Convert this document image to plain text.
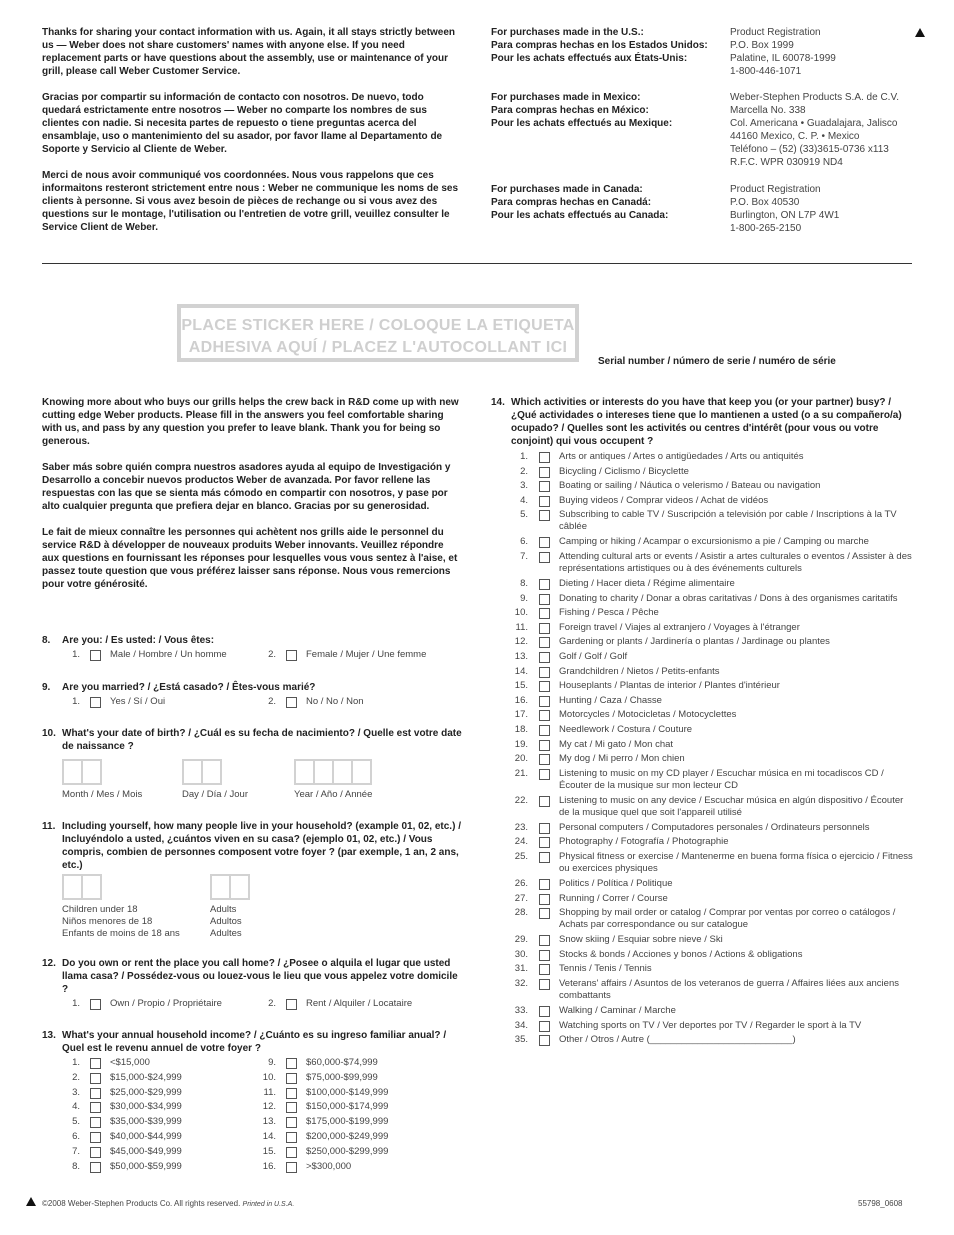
Thanks for sharing your contact information with us. Again, it all stays strictly between us — Weber does not share customers' names with anyone else. If you need replacement parts or have questions about the assembly, use or maintenance of your grill, please call Weber Customer Service.

Gracias por compartir su información de contacto con nosotros. De nuevo, todo quedará estrictamente entre nosotros — Weber no comparte los nombres de sus clientes con nadie. Si necesita partes de repuesto o tiene preguntas acerca del ensamblaje, uso o mantenimiento del su asador, por favor llame al Departamento de Soporte y Servicio al Cliente de Weber.

Merci de nous avoir communiqué vos coordonnées. Nous vous rappelons que ces informaitons resteront strictement entre nous : Weber ne communique les noms de ses clients à personne. Si vous avez besoin de pièces de rechange ou si vous avez des questions sur le montage, l'utilisation ou l'entretien de votre grill, veuillez consulter le Service Client de Weber.

For purchases made in the U.S.:
Para compras hechas en los Estados Unidos:
Pour les achats effectués aux États-Unis:
Product Registration
P.O. Box 1999
Palatine, IL 60078-1999
1-800-446-1071
For purchases made in Mexico:
Para compras hechas en México:
Pour les achats effectués au Mexique:
Weber-Stephen Products S.A. de C.V.
Marcella No. 338
Col. Americana • Guadalajara, Jalisco
44160 Mexico, C. P. • Mexico
Teléfono – (52) (33)3615-0736 x113
R.F.C. WPR 030919 ND4
For purchases made in Canada:
Para compras hechas en Canadá:
Pour les achats effectués au Canada:
Product Registration
P.O. Box 40530
Burlington, ON L7P 4W1
1-800-265-2150
PLACE STICKER HERE / COLOQUE LA ETIQUETA
ADHESIVA AQUÍ / PLACEZ L'AUTOCOLLANT ICI
Serial number / número de serie / numéro de série

Knowing more about who buys our grills helps the crew back in R&D come up with new cutting edge Weber products. Please fill in the answers you feel comfortable sharing with us, and pass by any question you prefer to leave blank. Thank you for being so generous.

Saber más sobre quién compra nuestros asadores ayuda al equipo de Investigación y Desarrollo a concebir nuevos productos Weber de avanzada. Por favor rellene las respuestas con las que se sienta más cómodo en compartir con nosotros, y pase por alto cualquier pregunta que prefiera dejar en blanco. Gracias por su generosidad.

Le fait de mieux connaître les personnes qui achètent nos grills aide le personnel du service R&D à développer de nouveaux produits Weber innovants. Veuillez répondre aux questions en fournissant les réponses pour lesquelles vous vous sentez à l'aise, et passez toute question que vous préférez laisser sans réponse. Nous vous remercions pour votre générosité.

8. Are you: / Es usted: / Vous êtes:
1.	Male / Hombre / Un homme	2.	Female / Mujer / Une femme
9. Are you married? / ¿Está casado? / Êtes-vous marié?
1.	Yes / Sí / Oui	2.	No / No / Non
10. What's your date of birth? / ¿Cuál es su fecha de nacimiento? / Quelle est votre date de naissance ?
Month / Mes / Mois	Day / Día / Jour	Year / Año / Année
11. Including yourself, how many people live in your household? (example 01, 02, etc.) / Incluyéndolo a usted, ¿cuántos viven en su casa? (ejemplo 01, 02, etc.) / Vous compris, combien de personnes composent votre foyer ? (par exemple, 1 an, 2 ans, etc.)
Children under 18
Niños menores de 18
Enfants de moins de 18 ans
Adults
Adultos
Adultes
12. Do you own or rent the place you call home? / ¿Posee o alquila el lugar que usted llama casa? / Possédez-vous ou louez-vous le lieu que vous appelez votre domicile ?
1.	Own / Propio / Propriétaire	2.	Rent / Alquiler / Locataire
13. What's your annual household income? / ¿Cuánto es su ingreso familiar anual? / Quel est le revenu annuel de votre foyer ?
1.	<$15,000
2.	$15,000-$24,999
3.	$25,000-$29,999
4.	$30,000-$34,999
5.	$35,000-$39,999
6.	$40,000-$44,999
7.	$45,000-$49,999
8.	$50,000-$59,999
9.	$60,000-$74,999
10.	$75,000-$99,999
11.	$100,000-$149,999
12.	$150,000-$174,999
13.	$175,000-$199,999
14.	$200,000-$249,999
15.	$250,000-$299,999
16.	>$300,000
14. Which activities or interests do you have that keep you (or your partner) busy? / ¿Qué actividades o intereses tiene que lo mantienen a usted (o a su compañero/a) ocupado? / Quelles sont les activités ou centres d'intérêt (pour vous ou votre conjoint) qui vous occupent ?
1.	Arts or antiques / Artes o antigüedades / Arts ou antiquités
2.	Bicycling / Ciclismo / Bicyclette
3.	Boating or sailing / Náutica o velerismo / Bateau ou navigation
4.	Buying videos / Comprar videos / Achat de vidéos
5.	Subscribing to cable TV / Suscripción a televisión por cable / Inscriptions à la TV câblée
6.	Camping or hiking / Acampar o excursionismo a pie / Camping ou marche
7.	Attending cultural arts or events / Asistir a artes culturales o eventos / Assister à des représentations artistiques ou à des événements culturels
8.	Dieting / Hacer dieta / Régime alimentaire
9.	Donating to charity / Donar a obras caritativas / Dons à des organismes caritatifs
10.	Fishing / Pesca / Pêche
11.	Foreign travel / Viajes al extranjero / Voyages à l'étranger
12.	Gardening or plants / Jardinería o plantas / Jardinage ou plantes
13.	Golf / Golf / Golf
14.	Grandchildren / Nietos / Petits-enfants
15.	Houseplants / Plantas de interior / Plantes d'intérieur
16.	Hunting / Caza / Chasse
17.	Motorcycles / Motocicletas / Motocyclettes
18.	Needlework / Costura / Couture
19.	My cat / Mi gato / Mon chat
20.	My dog / Mi perro / Mon chien
21.	Listening to music on my CD player / Escuchar música en mi tocadiscos CD / Écouter de la musique sur mon lecteur CD
22.	Listening to music on any device / Escuchar música en algún dispositivo / Écouter de la musique quel que soit l'appareil utilisé
23.	Personal computers / Computadores personales / Ordinateurs personnels
24.	Photography / Fotografía / Photographie
25.	Physical fitness or exercise / Mantenerme en buena forma física o ejercicio / Fitness ou exercices physiques
26.	Politics / Política / Politique
27.	Running / Correr / Course
28.	Shopping by mail order or catalog / Comprar por ventas por correo o catálogos / Achats par correspondance ou sur catalogue
29.	Snow skiing / Esquiar sobre nieve / Ski
30.	Stocks & bonds / Acciones y bonos / Actions & obligations
31.	Tennis / Tenis / Tennis
32.	Veterans' affairs / Asuntos de los veteranos de guerra / Affaires liées aux anciens combattants
33.	Walking / Caminar / Marche
34.	Watching sports on TV / Ver deportes por TV / Regarder le sport à la TV
35.	Other / Otros / Autre (___________________________)
©2008 Weber-Stephen Products Co. All rights reserved. Printed in U.S.A.	55798_0608
